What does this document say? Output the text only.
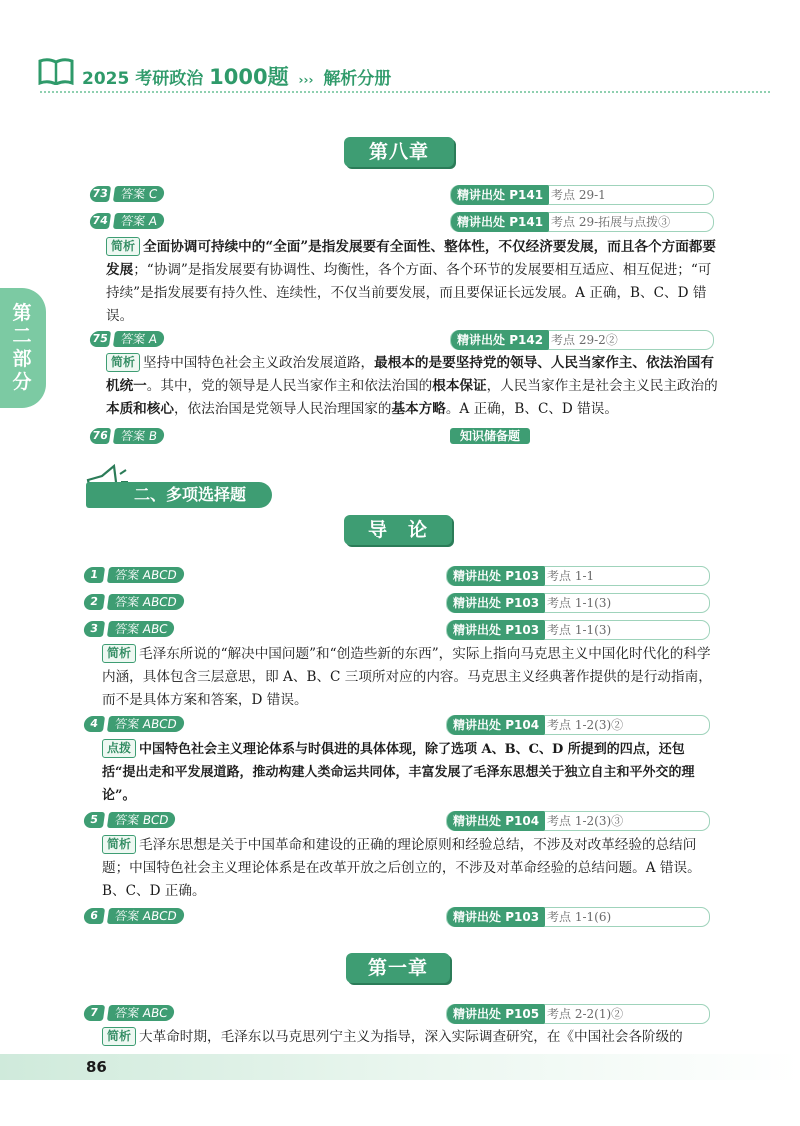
2025 考研政治 1000题 ››› 解析分册
第二部分
第八章
73 答案 C	精讲出处 P141 考点 29-1
74 答案 A	精讲出处 P141 考点 29-拓展与点拨③
简析 全面协调可持续中的“全面”是指发展要有全面性、整体性，不仅经济要发展，而且各个方面都要发展；“协调”是指发展要有协调性、均衡性，各个方面、各个环节的发展要相互适应、相互促进；“可持续”是指发展要有持久性、连续性，不仅当前要发展，而且要保证长远发展。A 正确，B、C、D 错误。
75 答案 A	精讲出处 P142 考点 29-2②
简析 坚持中国特色社会主义政治发展道路，最根本的是要坚持党的领导、人民当家作主、依法治国有机统一。其中，党的领导是人民当家作主和依法治国的根本保证，人民当家作主是社会主义民主政治的本质和核心，依法治国是党领导人民治理国家的基本方略。A 正确，B、C、D 错误。
76 答案 B	知识储备题
二、多项选择题
导　论
1	答案 ABCD	精讲出处 P103 考点 1-1
2	答案 ABCD	精讲出处 P103 考点 1-1(3)
3	答案 ABC	精讲出处 P103 考点 1-1(3)
简析 毛泽东所说的“解决中国问题”和“创造些新的东西”，实际上指向马克思主义中国化时代化的科学内涵，具体包含三层意思，即 A、B、C 三项所对应的内容。马克思主义经典著作提供的是行动指南，而不是具体方案和答案，D 错误。
4	答案 ABCD	精讲出处 P104 考点 1-2(3)②
点拨 中国特色社会主义理论体系与时俱进的具体体现，除了选项 A、B、C、D 所提到的四点，还包括“提出走和平发展道路，推动构建人类命运共同体，丰富发展了毛泽东思想关于独立自主和平外交的理论”。
5	答案 BCD	精讲出处 P104 考点 1-2(3)③
简析 毛泽东思想是关于中国革命和建设的正确的理论原则和经验总结，不涉及对改革经验的总结问题；中国特色社会主义理论体系是在改革开放之后创立的，不涉及对革命经验的总结问题。A 错误。B、C、D 正确。
6	答案 ABCD	精讲出处 P103 考点 1-1(6)
第一章
7	答案 ABC	精讲出处 P105 考点 2-2(1)②
简析 大革命时期，毛泽东以马克思列宁主义为指导，深入实际调查研究，在《中国社会各阶级的
86
